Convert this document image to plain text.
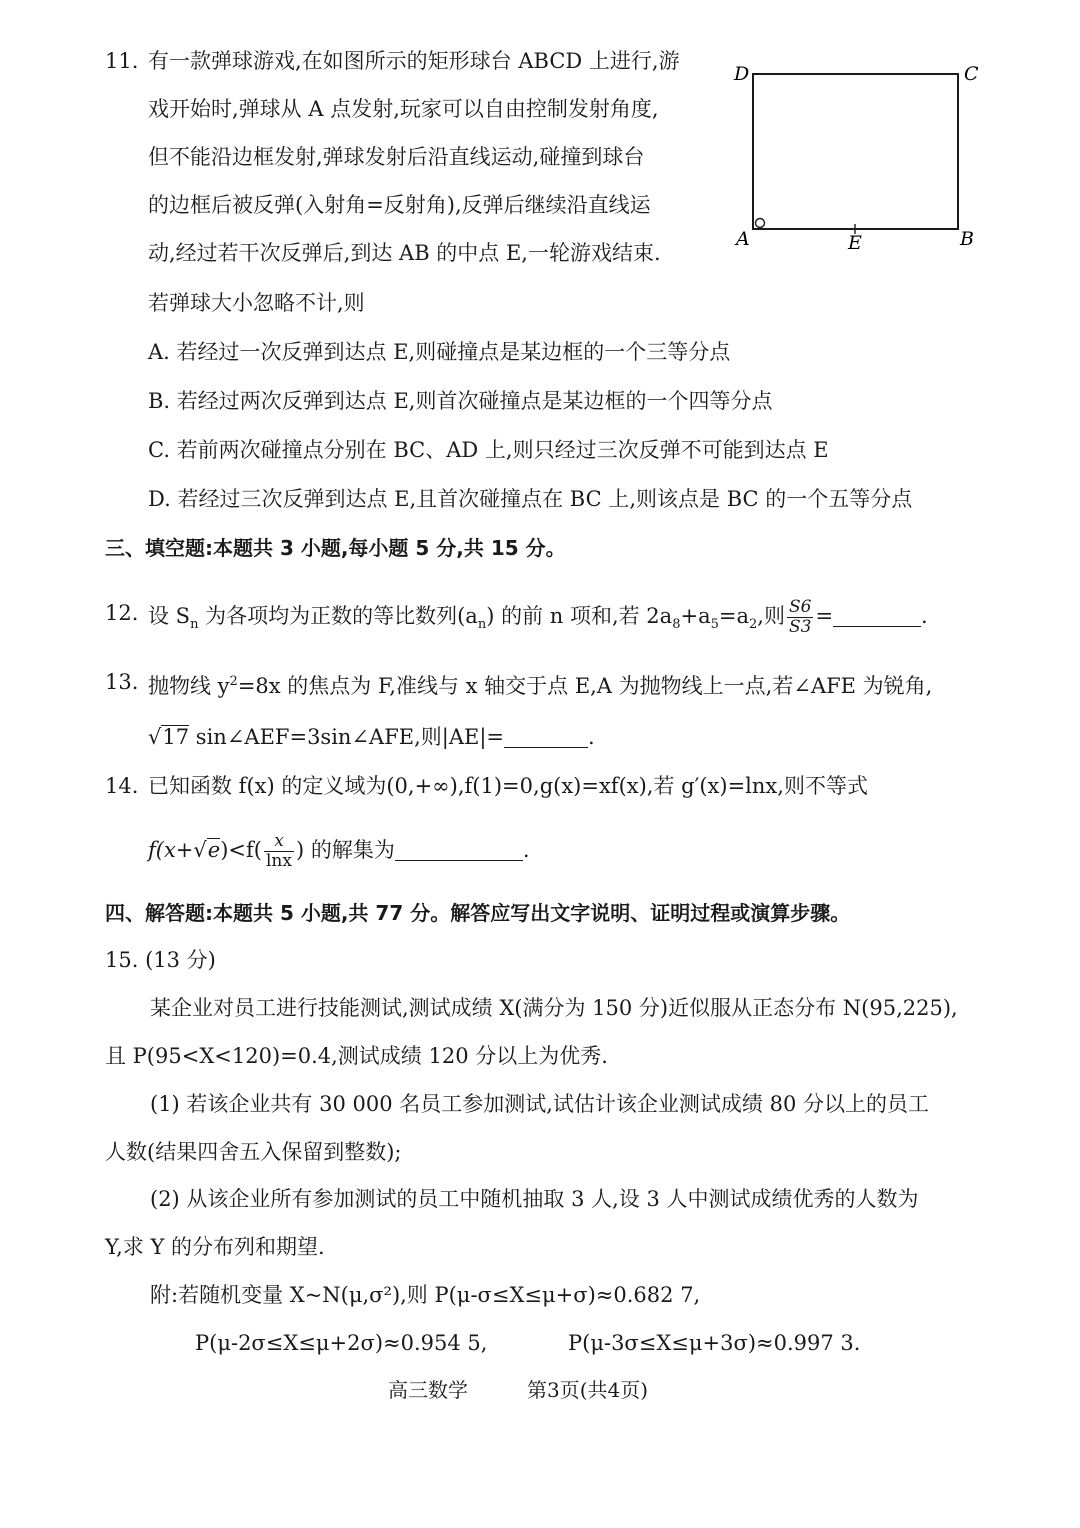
11. 有一款弹球游戏,在如图所示的矩形球台 ABCD 上进行,游
戏开始时,弹球从 A 点发射,玩家可以自由控制发射角度,
但不能沿边框发射,弹球发射后沿直线运动,碰撞到球台
的边框后被反弹(入射角=反射角),反弹后继续沿直线运
动,经过若干次反弹后,到达 AB 的中点 E,一轮游戏结束.
若弹球大小忽略不计,则
D	C
A	E	B
A. 若经过一次反弹到达点 E,则碰撞点是某边框的一个三等分点
B. 若经过两次反弹到达点 E,则首次碰撞点是某边框的一个四等分点
C. 若前两次碰撞点分别在 BC、AD 上,则只经过三次反弹不可能到达点 E
D. 若经过三次反弹到达点 E,且首次碰撞点在 BC 上,则该点是 BC 的一个五等分点
三、填空题:本题共 3 小题,每小题 5 分,共 15 分。
12. 设 $S_n$ 为各项均为正数的等比数列$(a_n)$ 的前 n 项和,若 $2a_8+a_5=a_2$,则 $\frac{S6}{S3}$ =	.
13. 抛物线 $y^2=8x$ 的焦点为 F,准线与 x 轴交于点 E,A 为抛物线上一点,若∠AFE 为锐角,
√17 sin∠AEF=3sin∠AFE,则|AE|=	.
14. 已知函数 f(x) 的定义域为(0,+∞),f(1)=0,g(x)=xf(x),若 g′(x)=lnx,则不等式
$f(x+√e)<f( \frac{x}{\ln x}$ ) 的解集为	.
四、解答题:本题共 5 小题,共 77 分。解答应写出文字说明、证明过程或演算步骤。
15. (13 分)
某企业对员工进行技能测试,测试成绩 X(满分为 150 分)近似服从正态分布 N(95,225),
且 P(95<X<120)=0.4,测试成绩 120 分以上为优秀.
(1) 若该企业共有 30 000 名员工参加测试,试估计该企业测试成绩 80 分以上的员工
人数(结果四舍五入保留到整数);
(2) 从该企业所有参加测试的员工中随机抽取 3 人,设 3 人中测试成绩优秀的人数为
Y,求 Y 的分布列和期望.
附:若随机变量 X~N(μ,σ²),则 P(μ-σ≤X≤μ+σ)≈0.682 7,
P(μ-2σ≤X≤μ+2σ)≈0.954 5,	P(μ-3σ≤X≤μ+3σ)≈0.997 3.
高三数学	第3页(共4页)
